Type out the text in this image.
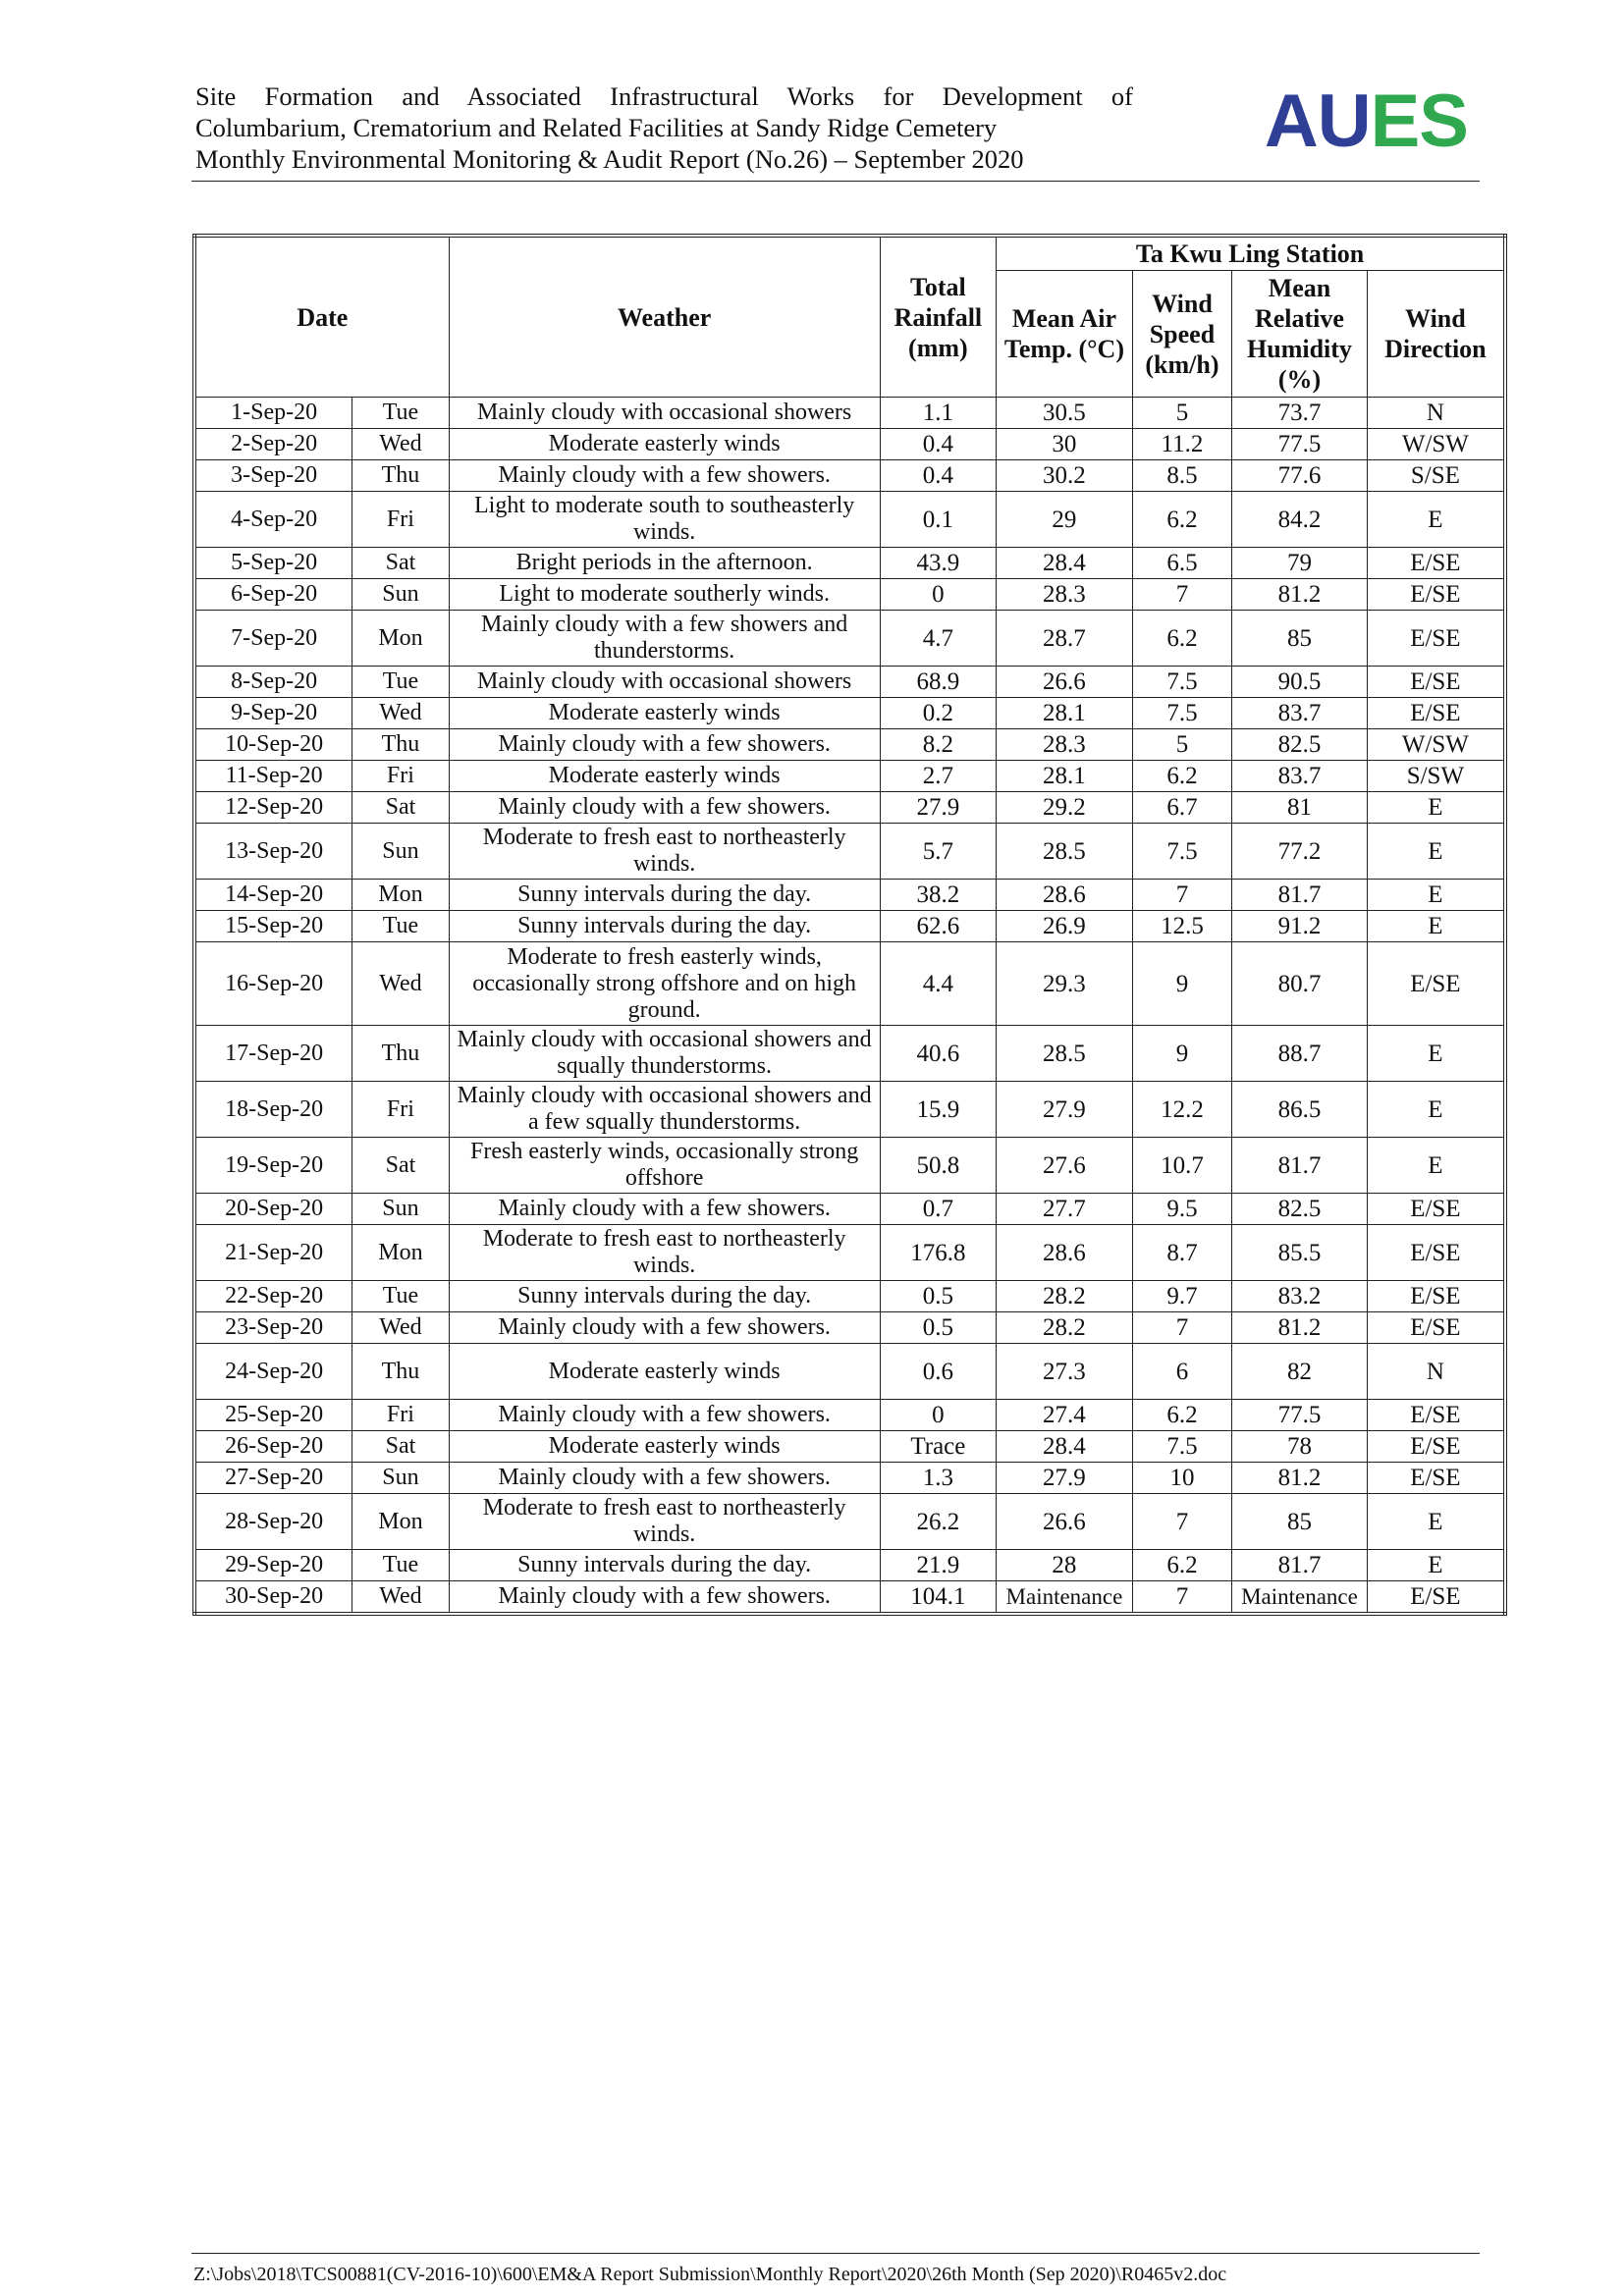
Site Formation and Associated Infrastructural Works for Development of
Columbarium, Crematorium and Related Facilities at Sandy Ridge Cemetery
Monthly Environmental Monitoring & Audit Report (No.26) – September 2020	AUES
Date		Weather	Total Rainfall (mm)	Ta Kwu Ling Station			
				Mean Air Temp. (°C)	Wind Speed (km/h)	Mean Relative Humidity (%)	Wind Direction
1-Sep-20	Tue	Mainly cloudy with occasional showers	1.1	30.5	5	73.7	N
2-Sep-20	Wed	Moderate easterly winds	0.4	30	11.2	77.5	W/SW
3-Sep-20	Thu	Mainly cloudy with a few showers.	0.4	30.2	8.5	77.6	S/SE
4-Sep-20	Fri	Light to moderate south to southeasterly winds.	0.1	29	6.2	84.2	E
5-Sep-20	Sat	Bright periods in the afternoon.	43.9	28.4	6.5	79	E/SE
6-Sep-20	Sun	Light to moderate southerly winds.	0	28.3	7	81.2	E/SE
7-Sep-20	Mon	Mainly cloudy with a few showers and thunderstorms.	4.7	28.7	6.2	85	E/SE
8-Sep-20	Tue	Mainly cloudy with occasional showers	68.9	26.6	7.5	90.5	E/SE
9-Sep-20	Wed	Moderate easterly winds	0.2	28.1	7.5	83.7	E/SE
10-Sep-20	Thu	Mainly cloudy with a few showers.	8.2	28.3	5	82.5	W/SW
11-Sep-20	Fri	Moderate easterly winds	2.7	28.1	6.2	83.7	S/SW
12-Sep-20	Sat	Mainly cloudy with a few showers.	27.9	29.2	6.7	81	E
13-Sep-20	Sun	Moderate to fresh east to northeasterly winds.	5.7	28.5	7.5	77.2	E
14-Sep-20	Mon	Sunny intervals during the day.	38.2	28.6	7	81.7	E
15-Sep-20	Tue	Sunny intervals during the day.	62.6	26.9	12.5	91.2	E
16-Sep-20	Wed	Moderate to fresh easterly winds, occasionally strong offshore and on high ground.	4.4	29.3	9	80.7	E/SE
17-Sep-20	Thu	Mainly cloudy with occasional showers and squally thunderstorms.	40.6	28.5	9	88.7	E
18-Sep-20	Fri	Mainly cloudy with occasional showers and a few squally thunderstorms.	15.9	27.9	12.2	86.5	E
19-Sep-20	Sat	Fresh easterly winds, occasionally strong offshore	50.8	27.6	10.7	81.7	E
20-Sep-20	Sun	Mainly cloudy with a few showers.	0.7	27.7	9.5	82.5	E/SE
21-Sep-20	Mon	Moderate to fresh east to northeasterly winds.	176.8	28.6	8.7	85.5	E/SE
22-Sep-20	Tue	Sunny intervals during the day.	0.5	28.2	9.7	83.2	E/SE
23-Sep-20	Wed	Mainly cloudy with a few showers.	0.5	28.2	7	81.2	E/SE
24-Sep-20	Thu	Moderate easterly winds	0.6	27.3	6	82	N
25-Sep-20	Fri	Mainly cloudy with a few showers.	0	27.4	6.2	77.5	E/SE
26-Sep-20	Sat	Moderate easterly winds	Trace	28.4	7.5	78	E/SE
27-Sep-20	Sun	Mainly cloudy with a few showers.	1.3	27.9	10	81.2	E/SE
28-Sep-20	Mon	Moderate to fresh east to northeasterly winds.	26.2	26.6	7	85	E
29-Sep-20	Tue	Sunny intervals during the day.	21.9	28	6.2	81.7	E
30-Sep-20	Wed	Mainly cloudy with a few showers.	104.1	Maintenance	7	Maintenance	E/SE
Z:\Jobs\2018\TCS00881(CV-2016-10)\600\EM&A Report Submission\Monthly Report\2020\26th Month (Sep 2020)\R0465v2.doc
